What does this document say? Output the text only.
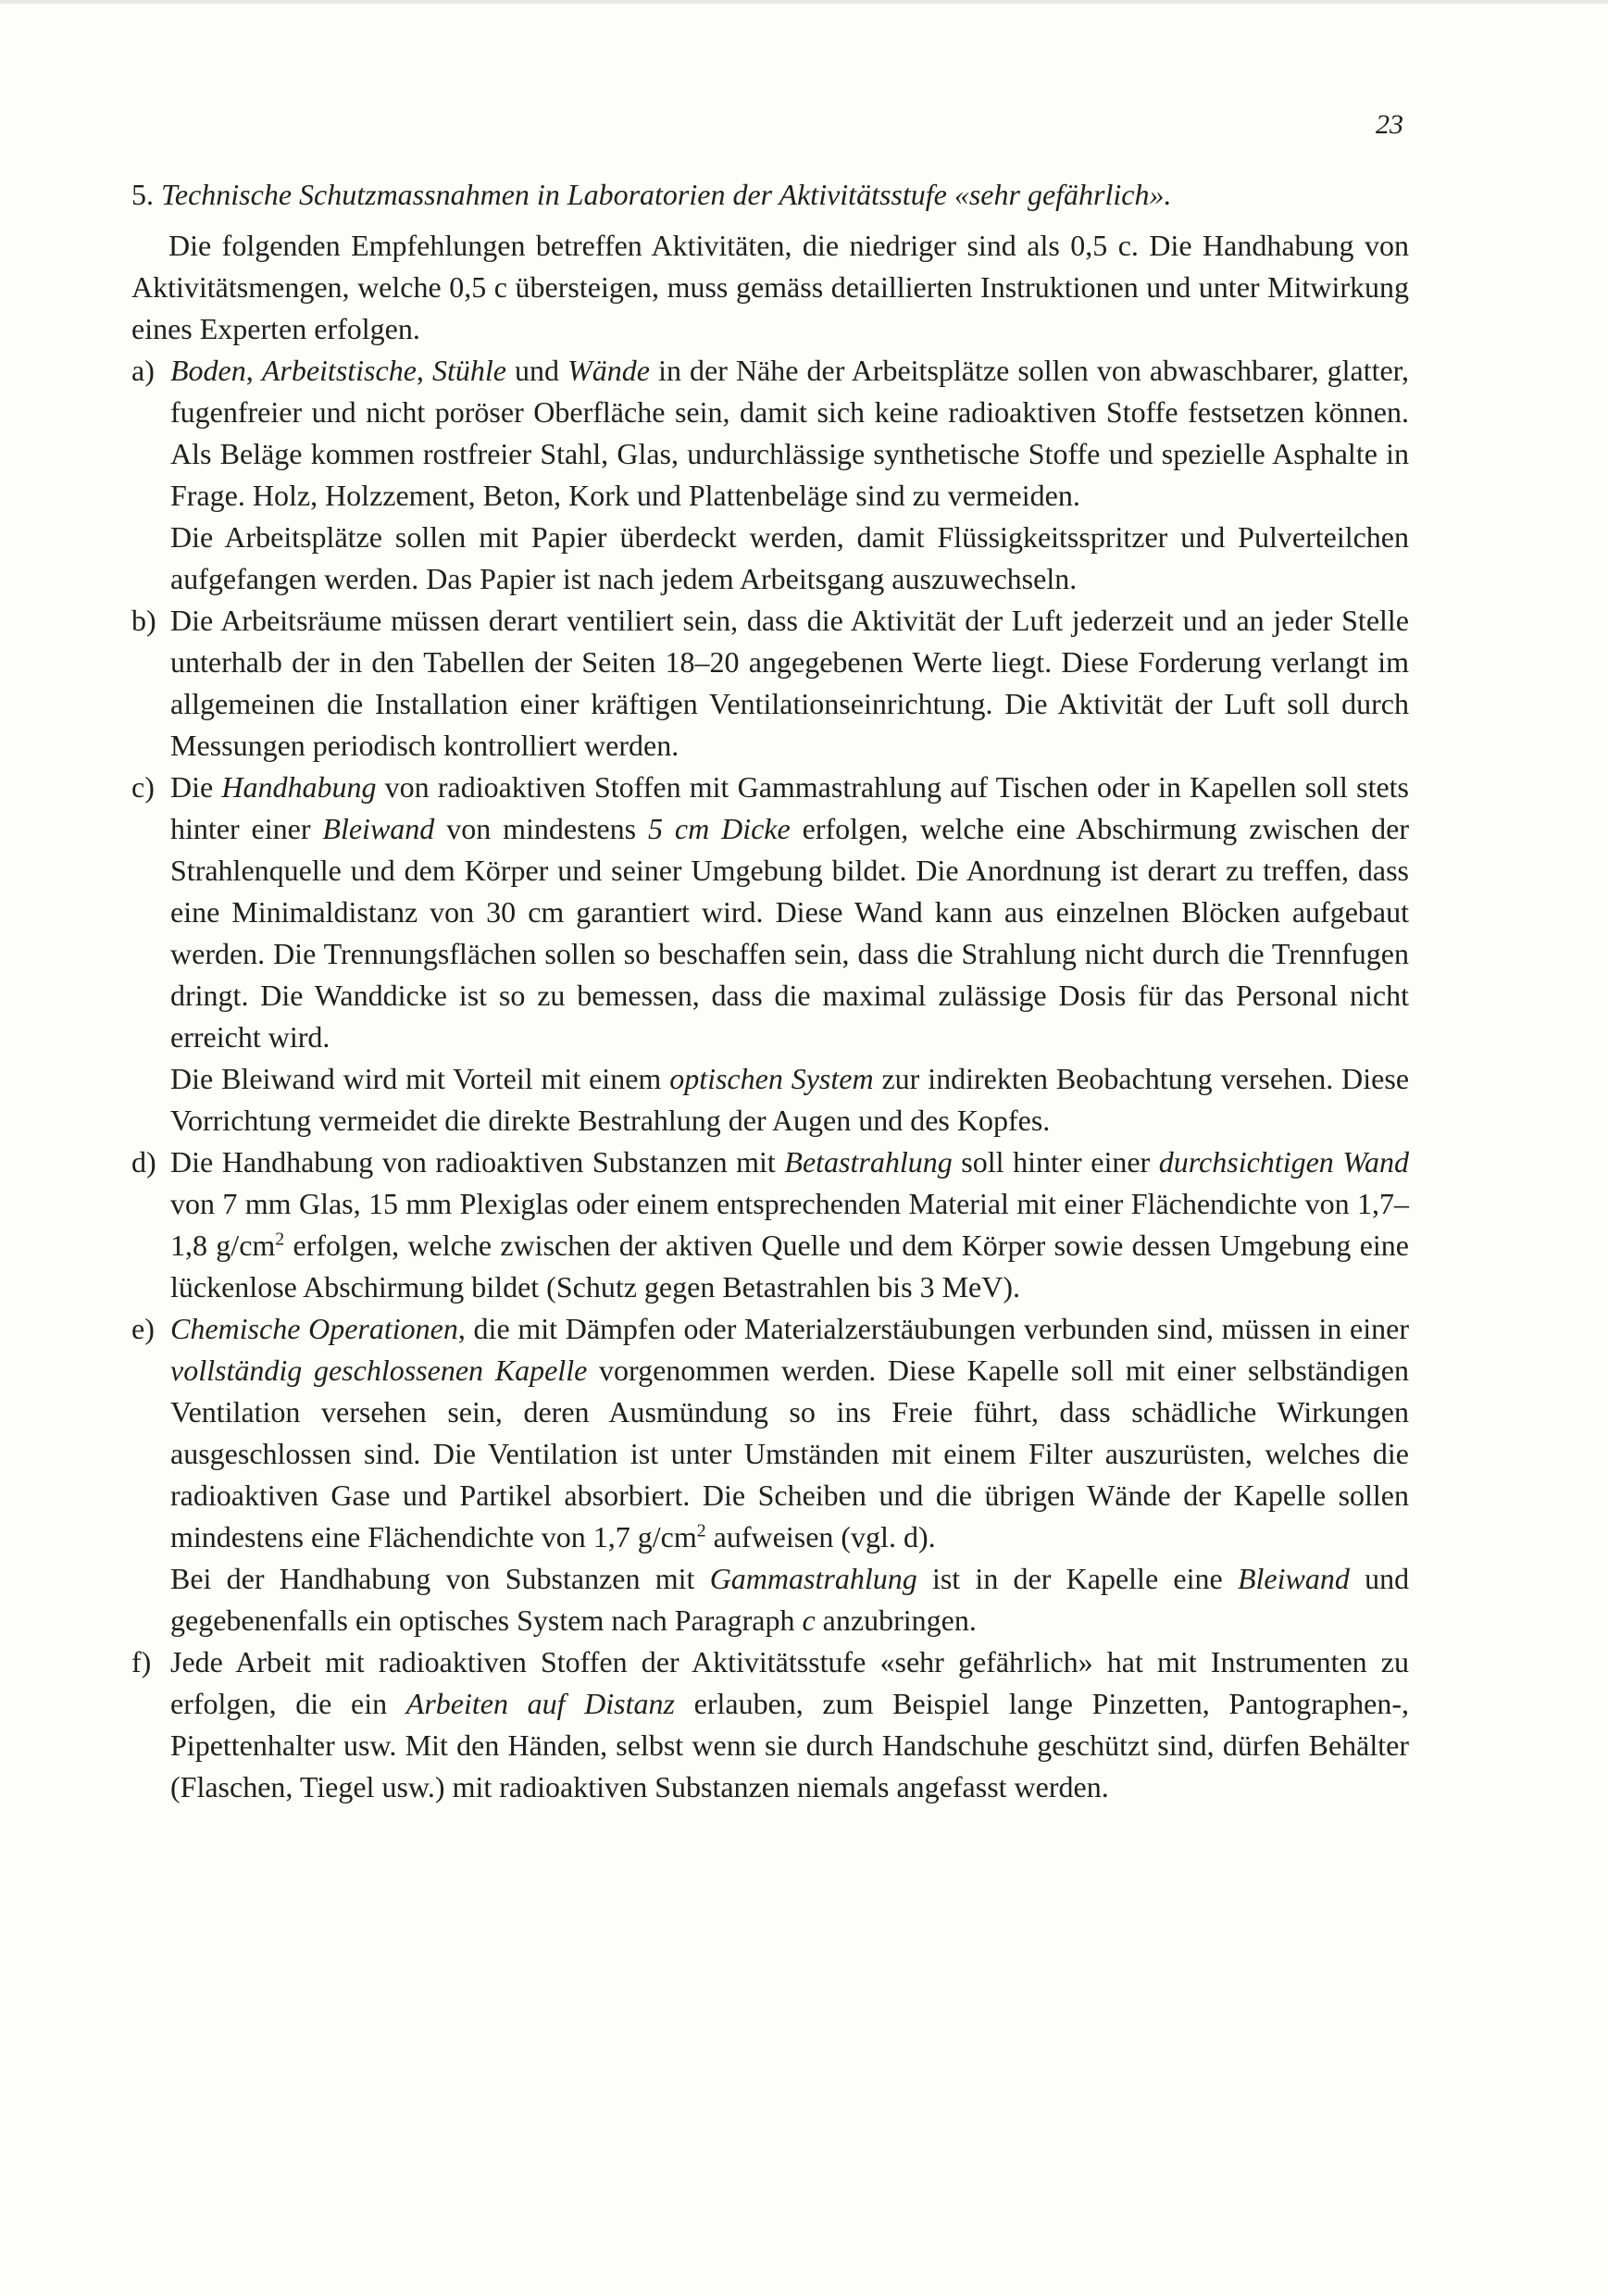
23

5. Technische Schutzmassnahmen in Laboratorien der Aktivitätsstufe «sehr gefährlich».

Die folgenden Empfehlungen betreffen Aktivitäten, die niedriger sind als 0,5 c. Die Handhabung von Aktivitätsmengen, welche 0,5 c übersteigen, muss gemäss detaillierten Instruktionen und unter Mitwirkung eines Experten erfolgen.

a) Boden, Arbeitstische, Stühle und Wände in der Nähe der Arbeitsplätze sollen von abwaschbarer, glatter, fugenfreier und nicht poröser Oberfläche sein, damit sich keine radioaktiven Stoffe festsetzen können. Als Beläge kommen rostfreier Stahl, Glas, undurchlässige synthetische Stoffe und spezielle Asphalte in Frage. Holz, Holzzement, Beton, Kork und Plattenbeläge sind zu vermeiden.

Die Arbeitsplätze sollen mit Papier überdeckt werden, damit Flüssigkeitsspritzer und Pulverteilchen aufgefangen werden. Das Papier ist nach jedem Arbeitsgang auszuwechseln.

b) Die Arbeitsräume müssen derart ventiliert sein, dass die Aktivität der Luft jederzeit und an jeder Stelle unterhalb der in den Tabellen der Seiten 18–20 angegebenen Werte liegt. Diese Forderung verlangt im allgemeinen die Installation einer kräftigen Ventilationseinrichtung. Die Aktivität der Luft soll durch Messungen periodisch kontrolliert werden.

c) Die Handhabung von radioaktiven Stoffen mit Gammastrahlung auf Tischen oder in Kapellen soll stets hinter einer Bleiwand von mindestens 5 cm Dicke erfolgen, welche eine Abschirmung zwischen der Strahlenquelle und dem Körper und seiner Umgebung bildet. Die Anordnung ist derart zu treffen, dass eine Minimaldistanz von 30 cm garantiert wird. Diese Wand kann aus einzelnen Blöcken aufgebaut werden. Die Trennungsflächen sollen so beschaffen sein, dass die Strahlung nicht durch die Trennfugen dringt. Die Wanddicke ist so zu bemessen, dass die maximal zulässige Dosis für das Personal nicht erreicht wird.

Die Bleiwand wird mit Vorteil mit einem optischen System zur indirekten Beobachtung versehen. Diese Vorrichtung vermeidet die direkte Bestrahlung der Augen und des Kopfes.

d) Die Handhabung von radioaktiven Substanzen mit Betastrahlung soll hinter einer durchsichtigen Wand von 7 mm Glas, 15 mm Plexiglas oder einem entsprechenden Material mit einer Flächendichte von 1,7–1,8 $g/cm^2$ erfolgen, welche zwischen der aktiven Quelle und dem Körper sowie dessen Umgebung eine lückenlose Abschirmung bildet (Schutz gegen Betastrahlen bis 3 MeV).

e) Chemische Operationen, die mit Dämpfen oder Materialzerstäubungen verbunden sind, müssen in einer vollständig geschlossenen Kapelle vorgenommen werden. Diese Kapelle soll mit einer selbständigen Ventilation versehen sein, deren Ausmündung so ins Freie führt, dass schädliche Wirkungen ausgeschlossen sind. Die Ventilation ist unter Umständen mit einem Filter auszurüsten, welches die radioaktiven Gase und Partikel absorbiert. Die Scheiben und die übrigen Wände der Kapelle sollen mindestens eine Flächendichte von 1,7 $g/cm^2$ aufweisen (vgl. d).

Bei der Handhabung von Substanzen mit Gammastrahlung ist in der Kapelle eine Bleiwand und gegebenenfalls ein optisches System nach Paragraph c anzubringen.

f) Jede Arbeit mit radioaktiven Stoffen der Aktivitätsstufe «sehr gefährlich» hat mit Instrumenten zu erfolgen, die ein Arbeiten auf Distanz erlauben, zum Beispiel lange Pinzetten, Pantographen-, Pipettenhalter usw. Mit den Händen, selbst wenn sie durch Handschuhe geschützt sind, dürfen Behälter (Flaschen, Tiegel usw.) mit radioaktiven Substanzen niemals angefasst werden.
